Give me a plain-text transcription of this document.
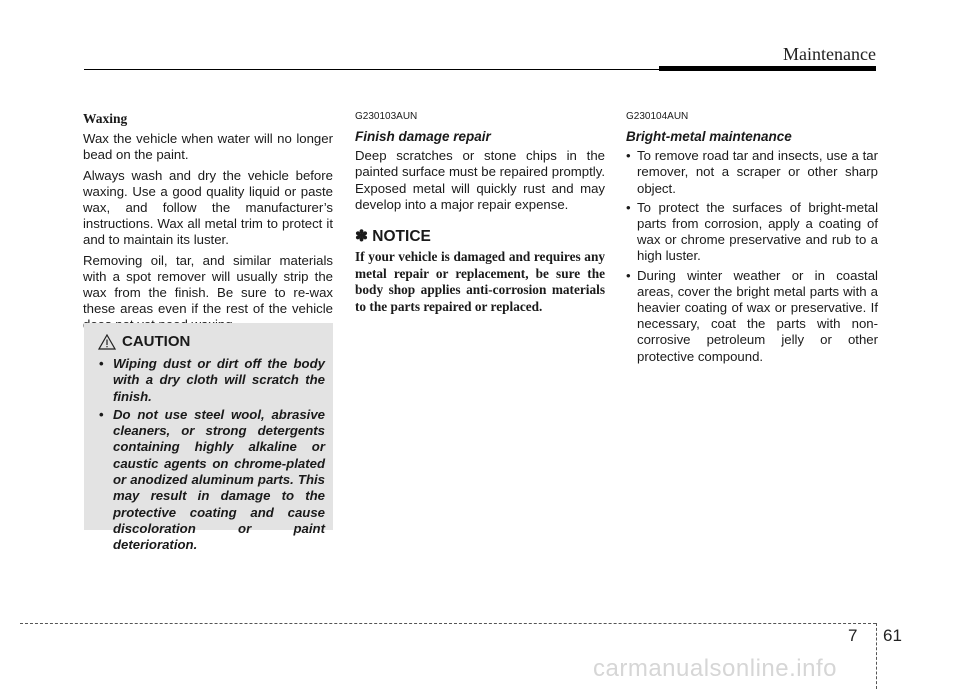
Maintenance
Waxing

Wax the vehicle when water will no longer bead on the paint.

Always wash and dry the vehicle before waxing. Use a good quality liquid or paste wax, and follow the manufacturer’s instructions. Wax all metal trim to protect it and to maintain its luster.

Removing oil, tar, and similar materials with a spot remover will usually strip the wax from the finish. Be sure to re-wax these areas even if the rest of the vehicle

CAUTION
• Wiping dust or dirt off the body with a dry cloth will scratch the finish.
• Do not use steel wool, abrasive cleaners, or strong detergents containing highly alkaline or caustic agents on chrome-plated or anodized aluminum parts. This may result in damage to the protective coating and cause discoloration or paint deterioration.
G230103AUN
Finish damage repair

Deep scratches or stone chips in the painted surface must be repaired promptly. Exposed metal will quickly rust and may develop into a major repair expense.

✽ NOTICE
If your vehicle is damaged and requires any metal repair or replacement, be sure the body shop applies anti-corrosion materials to the parts repaired or replaced.
G230104AUN
Bright-metal maintenance
• To remove road tar and insects, use a tar remover, not a scraper or other sharp object.
• To protect the surfaces of bright-metal parts from corrosion, apply a coating of wax or chrome preservative and rub to a high luster.
• During winter weather or in coastal areas, cover the bright metal parts with a heavier coating of wax or preservative. If necessary, coat the parts with non-corrosive petroleum jelly or other protective compound.
7 61
carmanualsonline.info
